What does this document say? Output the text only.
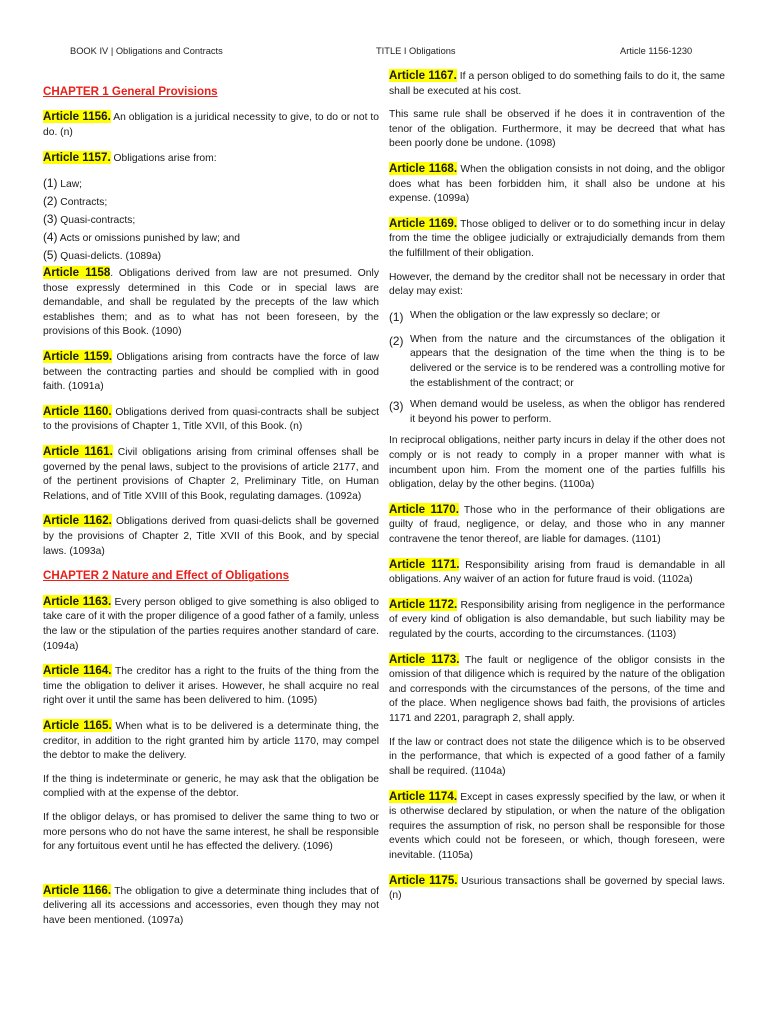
BOOK IV | Obligations and Contracts	TITLE I Obligations	Article 1156-1230

CHAPTER 1 General Provisions

Article 1156. An obligation is a juridical necessity to give, to do or not to do. (n)

Article 1157. Obligations arise from:

(1) Law;
(2) Contracts;
(3) Quasi-contracts;
(4) Acts or omissions punished by law; and
(5) Quasi-delicts. (1089a)

Article 1158. Obligations derived from law are not presumed. Only those expressly determined in this Code or in special laws are demandable, and shall be regulated by the precepts of the law which establishes them; and as to what has not been foreseen, by the provisions of this Book. (1090)

Article 1159. Obligations arising from contracts have the force of law between the contracting parties and should be complied with in good faith. (1091a)

Article 1160. Obligations derived from quasi-contracts shall be subject to the provisions of Chapter 1, Title XVII, of this Book. (n)

Article 1161. Civil obligations arising from criminal offenses shall be governed by the penal laws, subject to the provisions of article 2177, and of the pertinent provisions of Chapter 2, Preliminary Title, on Human Relations, and of Title XVIII of this Book, regulating damages. (1092a)

Article 1162. Obligations derived from quasi-delicts shall be governed by the provisions of Chapter 2, Title XVII of this Book, and by special laws. (1093a)

CHAPTER 2 Nature and Effect of Obligations

Article 1163. Every person obliged to give something is also obliged to take care of it with the proper diligence of a good father of a family, unless the law or the stipulation of the parties requires another standard of care. (1094a)

Article 1164. The creditor has a right to the fruits of the thing from the time the obligation to deliver it arises. However, he shall acquire no real right over it until the same has been delivered to him. (1095)

Article 1165. When what is to be delivered is a determinate thing, the creditor, in addition to the right granted him by article 1170, may compel the debtor to make the delivery.

If the thing is indeterminate or generic, he may ask that the obligation be complied with at the expense of the debtor.

If the obligor delays, or has promised to deliver the same thing to two or more persons who do not have the same interest, he shall be responsible for any fortuitous event until he has effected the delivery. (1096)

Article 1166. The obligation to give a determinate thing includes that of delivering all its accessions and accessories, even though they may not have been mentioned. (1097a)

Article 1167. If a person obliged to do something fails to do it, the same shall be executed at his cost.

This same rule shall be observed if he does it in contravention of the tenor of the obligation. Furthermore, it may be decreed that what has been poorly done be undone. (1098)

Article 1168. When the obligation consists in not doing, and the obligor does what has been forbidden him, it shall also be undone at his expense. (1099a)

Article 1169. Those obliged to deliver or to do something incur in delay from the time the obligee judicially or extrajudicially demands from them the fulfillment of their obligation.

However, the demand by the creditor shall not be necessary in order that delay may exist:

(1) When the obligation or the law expressly so declare; or
(2) When from the nature and the circumstances of the obligation it appears that the designation of the time when the thing is to be delivered or the service is to be rendered was a controlling motive for the establishment of the contract; or
(3) When demand would be useless, as when the obligor has rendered it beyond his power to perform.

In reciprocal obligations, neither party incurs in delay if the other does not comply or is not ready to comply in a proper manner with what is incumbent upon him. From the moment one of the parties fulfills his obligation, delay by the other begins. (1100a)

Article 1170. Those who in the performance of their obligations are guilty of fraud, negligence, or delay, and those who in any manner contravene the tenor thereof, are liable for damages. (1101)

Article 1171. Responsibility arising from fraud is demandable in all obligations. Any waiver of an action for future fraud is void. (1102a)

Article 1172. Responsibility arising from negligence in the performance of every kind of obligation is also demandable, but such liability may be regulated by the courts, according to the circumstances. (1103)

Article 1173. The fault or negligence of the obligor consists in the omission of that diligence which is required by the nature of the obligation and corresponds with the circumstances of the persons, of the time and of the place. When negligence shows bad faith, the provisions of articles 1171 and 2201, paragraph 2, shall apply.

If the law or contract does not state the diligence which is to be observed in the performance, that which is expected of a good father of a family shall be required. (1104a)

Article 1174. Except in cases expressly specified by the law, or when it is otherwise declared by stipulation, or when the nature of the obligation requires the assumption of risk, no person shall be responsible for those events which could not be foreseen, or which, though foreseen, were inevitable. (1105a)

Article 1175. Usurious transactions shall be governed by special laws. (n)
